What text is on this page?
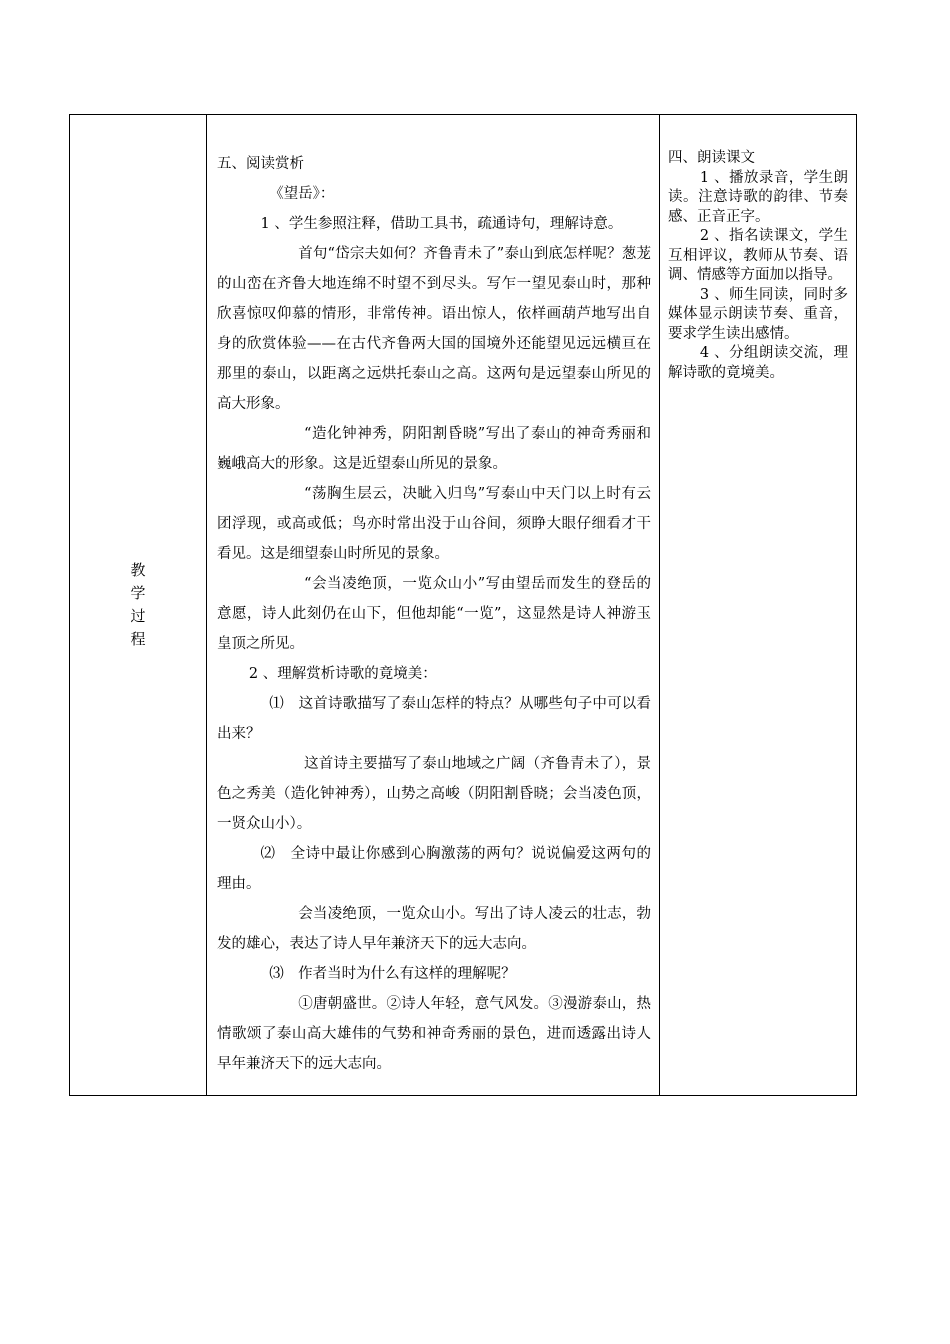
教学过程

五、阅读赏析

《望岳》：

1 、学生参照注释，借助工具书，疏通诗句，理解诗意。

首句“岱宗夫如何？齐鲁青未了”泰山到底怎样呢？葱茏的山峦在齐鲁大地连绵不时望不到尽头。写乍一望见泰山时，那种欣喜惊叹仰慕的情形，非常传神。语出惊人，依样画葫芦地写出自身的欣赏体验——在古代齐鲁两大国的国境外还能望见远远横亘在那里的泰山，以距离之远烘托泰山之高。这两句是远望泰山所见的高大形象。

“造化钟神秀，阴阳割昏晓”写出了泰山的神奇秀丽和巍峨高大的形象。这是近望泰山所见的景象。

“荡胸生层云，决眦入归鸟”写泰山中天门以上时有云团浮现，或高或低；鸟亦时常出没于山谷间，须睁大眼仔细看才干看见。这是细望泰山时所见的景象。

“会当凌绝顶，一览众山小”写由望岳而发生的登岳的意愿，诗人此刻仍在山下，但他却能“一览”，这显然是诗人神游玉皇顶之所见。

2 、理解赏析诗歌的竟境美：

⑴　这首诗歌描写了泰山怎样的特点？从哪些句子中可以看出来？

这首诗主要描写了泰山地域之广阔（齐鲁青未了），景色之秀美（造化钟神秀），山势之高峻（阴阳割昏晓；会当凌色顶，一贤众山小）。

⑵　全诗中最让你感到心胸激荡的两句？说说偏爱这两句的理由。

会当凌绝顶，一览众山小。写出了诗人凌云的壮志，勃发的雄心，表达了诗人早年兼济天下的远大志向。

⑶　作者当时为什么有这样的理解呢？

①唐朝盛世。②诗人年轻，意气风发。③漫游泰山，热情歌颂了泰山高大雄伟的气势和神奇秀丽的景色，进而透露出诗人早年兼济天下的远大志向。

四、朗读课文

1 、播放录音，学生朗读。注意诗歌的韵律、节奏感、正音正字。

2 、指名读课文，学生互相评议，教师从节奏、语调、情感等方面加以指导。

3 、师生同读，同时多媒体显示朗读节奏、重音，要求学生读出感情。

4 、分组朗读交流，理解诗歌的竟境美。
